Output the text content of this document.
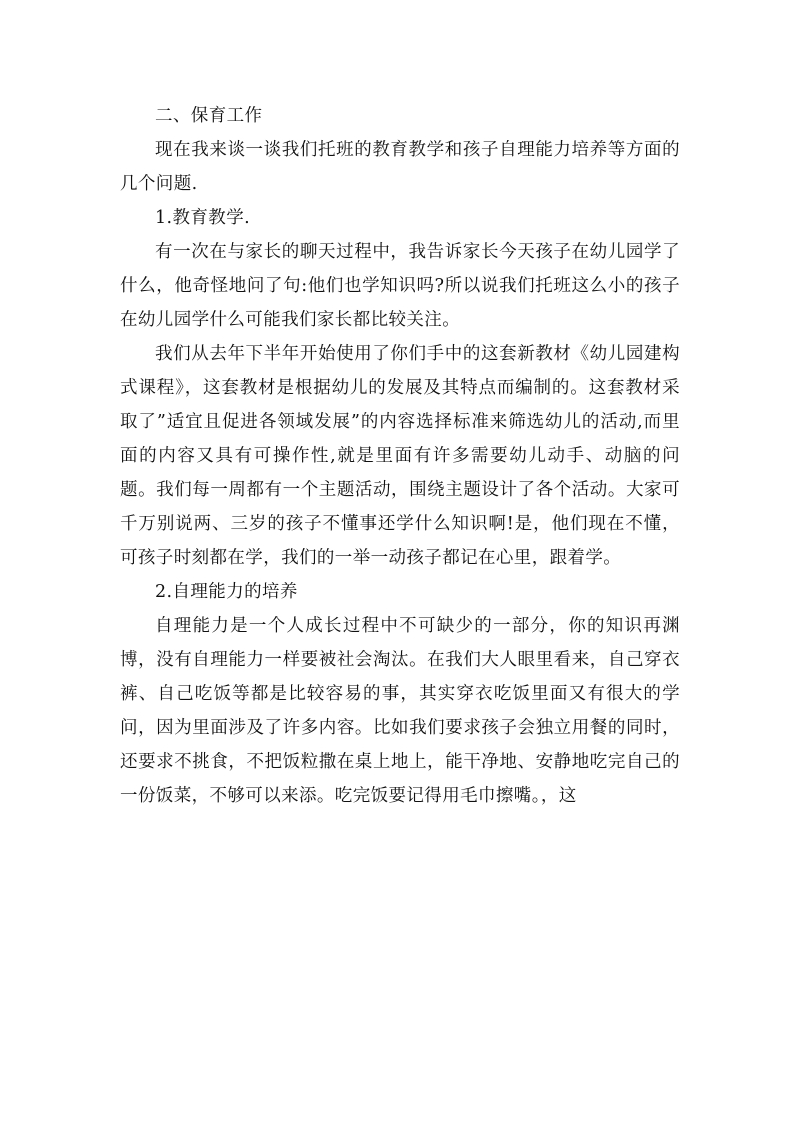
二、保育工作

现在我来谈一谈我们托班的教育教学和孩子自理能力培养等方面的几个问题.

1.教育教学.

有一次在与家长的聊天过程中，我告诉家长今天孩子在幼儿园学了什么，他奇怪地问了句:他们也学知识吗?所以说我们托班这么小的孩子在幼儿园学什么可能我们家长都比较关注。

我们从去年下半年开始使用了你们手中的这套新教材《幼儿园建构式课程》，这套教材是根据幼儿的发展及其特点而编制的。这套教材采取了”适宜且促进各领域发展”的内容选择标准来筛选幼儿的活动,而里面的内容又具有可操作性,就是里面有许多需要幼儿动手、动脑的问题。我们每一周都有一个主题活动，围绕主题设计了各个活动。大家可千万别说两、三岁的孩子不懂事还学什么知识啊!是，他们现在不懂，可孩子时刻都在学，我们的一举一动孩子都记在心里，跟着学。

2.自理能力的培养

自理能力是一个人成长过程中不可缺少的一部分，你的知识再渊博，没有自理能力一样要被社会淘汰。在我们大人眼里看来，自己穿衣裤、自己吃饭等都是比较容易的事，其实穿衣吃饭里面又有很大的学问，因为里面涉及了许多内容。比如我们要求孩子会独立用餐的同时，还要求不挑食，不把饭粒撒在桌上地上，能干净地、安静地吃完自己的一份饭菜，不够可以来添。吃完饭要记得用毛巾擦嘴。，这
